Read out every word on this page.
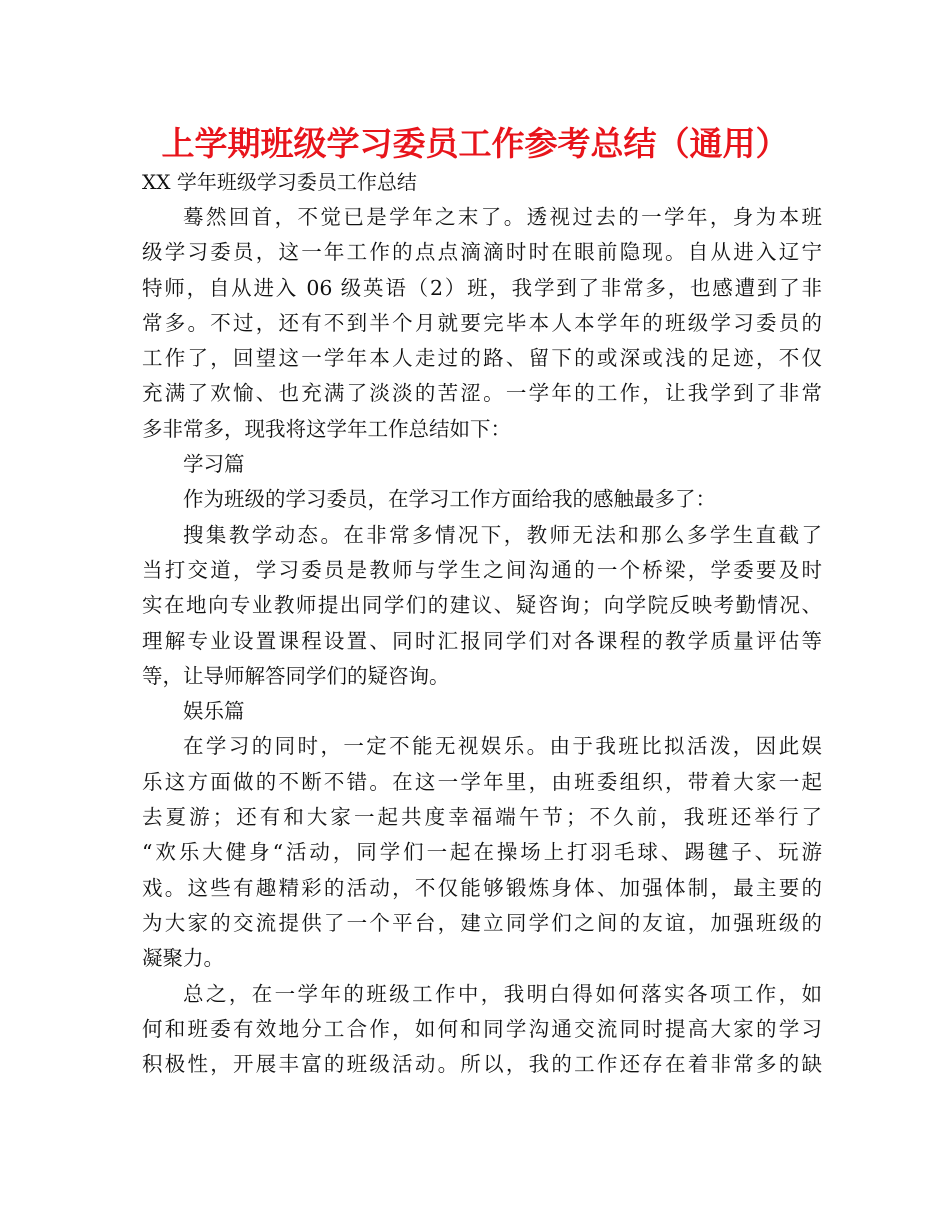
上学期班级学习委员工作参考总结（通用）
XX 学年班级学习委员工作总结
蓦然回首，不觉已是学年之末了。透视过去的一学年，身为本班
级学习委员，这一年工作的点点滴滴时时在眼前隐现。自从进入辽宁
特师，自从进入 06 级英语（2）班，我学到了非常多，也感遭到了非
常多。不过，还有不到半个月就要完毕本人本学年的班级学习委员的
工作了，回望这一学年本人走过的路、留下的或深或浅的足迹，不仅
充满了欢愉、也充满了淡淡的苦涩。一学年的工作，让我学到了非常
多非常多，现我将这学年工作总结如下：
学习篇
作为班级的学习委员，在学习工作方面给我的感触最多了：
搜集教学动态。在非常多情况下，教师无法和那么多学生直截了
当打交道，学习委员是教师与学生之间沟通的一个桥梁，学委要及时
实在地向专业教师提出同学们的建议、疑咨询；向学院反映考勤情况、
理解专业设置课程设置、同时汇报同学们对各课程的教学质量评估等
等，让导师解答同学们的疑咨询。
娱乐篇
在学习的同时，一定不能无视娱乐。由于我班比拟活泼，因此娱
乐这方面做的不断不错。在这一学年里，由班委组织，带着大家一起
去夏游；还有和大家一起共度幸福端午节；不久前，我班还举行了
“欢乐大健身“活动，同学们一起在操场上打羽毛球、踢毽子、玩游
戏。这些有趣精彩的活动，不仅能够锻炼身体、加强体制，最主要的
为大家的交流提供了一个平台，建立同学们之间的友谊，加强班级的
凝聚力。
总之，在一学年的班级工作中，我明白得如何落实各项工作，如
何和班委有效地分工合作，如何和同学沟通交流同时提高大家的学习
积极性，开展丰富的班级活动。所以，我的工作还存在着非常多的缺
